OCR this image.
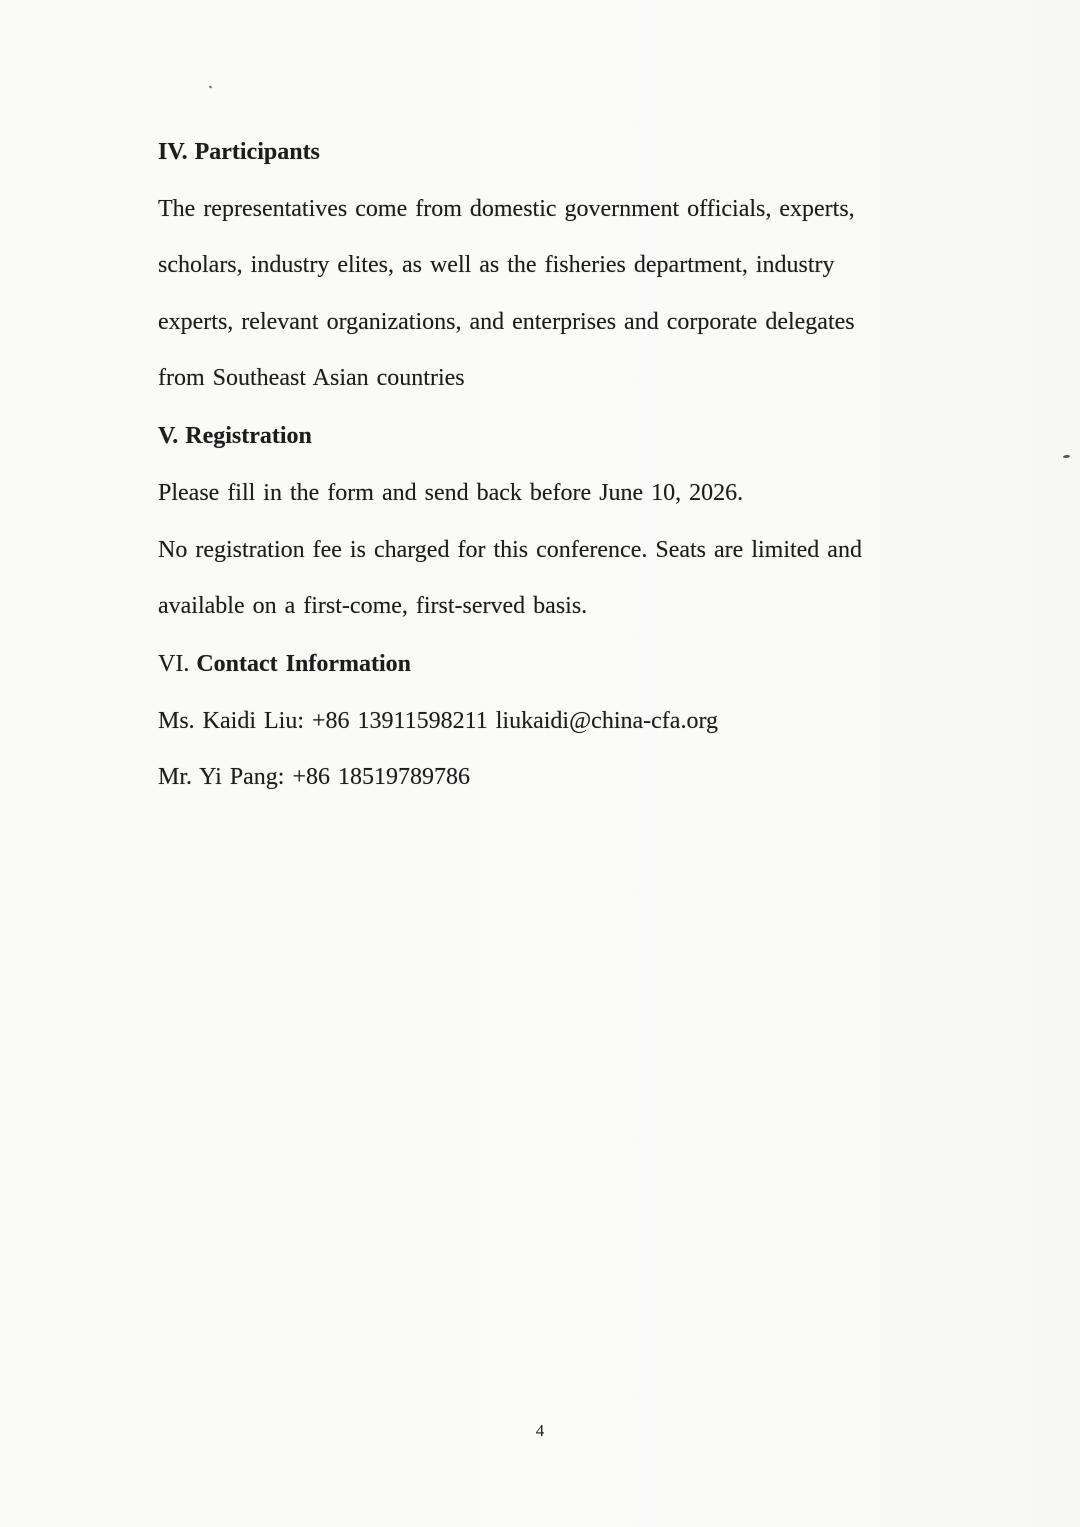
IV. Participants

The representatives come from domestic government officials, experts,

scholars, industry elites, as well as the fisheries department, industry

experts, relevant organizations, and enterprises and corporate delegates

from Southeast Asian countries

V. Registration

Please fill in the form and send back before June 10, 2026.

No registration fee is charged for this conference. Seats are limited and

available on a first-come, first-served basis.

VI. Contact Information

Ms. Kaidi Liu: +86 13911598211 liukaidi@china-cfa.org

Mr. Yi Pang: +86 18519789786

4
